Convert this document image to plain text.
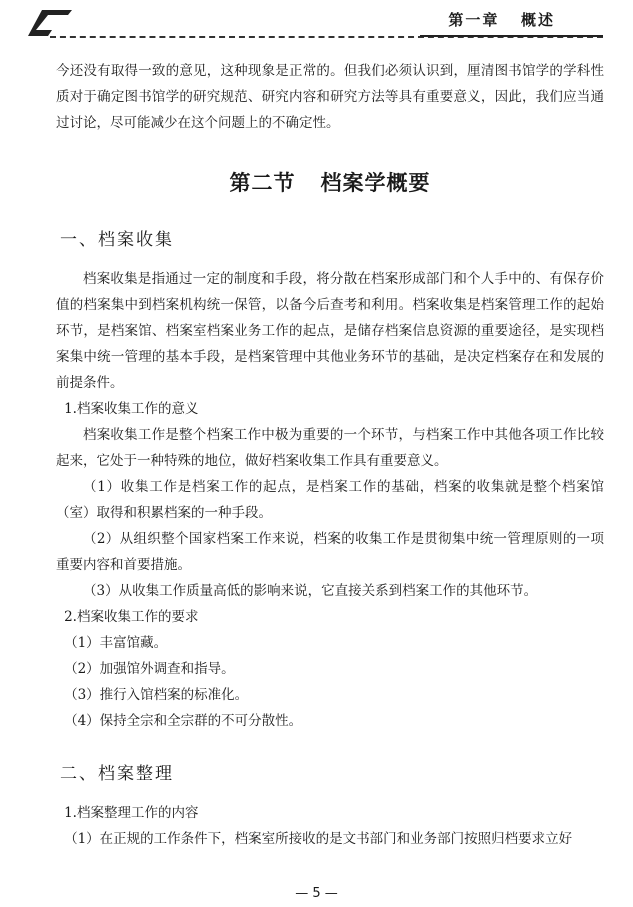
第一章   概述

今还没有取得一致的意见，这种现象是正常的。但我们必须认识到，厘清图书馆学的学科性质对于确定图书馆学的研究规范、研究内容和研究方法等具有重要意义，因此，我们应当通过讨论，尽可能减少在这个问题上的不确定性。

第二节   档案学概要
一、档案收集

档案收集是指通过一定的制度和手段，将分散在档案形成部门和个人手中的、有保存价值的档案集中到档案机构统一保管，以备今后查考和利用。档案收集是档案管理工作的起始环节，是档案馆、档案室档案业务工作的起点，是储存档案信息资源的重要途径，是实现档案集中统一管理的基本手段，是档案管理中其他业务环节的基础，是决定档案存在和发展的前提条件。

1.档案收集工作的意义

档案收集工作是整个档案工作中极为重要的一个环节，与档案工作中其他各项工作比较起来，它处于一种特殊的地位，做好档案收集工作具有重要意义。

（1）收集工作是档案工作的起点，是档案工作的基础，档案的收集就是整个档案馆（室）取得和积累档案的一种手段。

（2）从组织整个国家档案工作来说，档案的收集工作是贯彻集中统一管理原则的一项重要内容和首要措施。

（3）从收集工作质量高低的影响来说，它直接关系到档案工作的其他环节。

2.档案收集工作的要求

（1）丰富馆藏。

（2）加强馆外调查和指导。

（3）推行入馆档案的标准化。

（4）保持全宗和全宗群的不可分散性。

二、档案整理

1.档案整理工作的内容

（1）在正规的工作条件下，档案室所接收的是文书部门和业务部门按照归档要求立好

— 5 —
